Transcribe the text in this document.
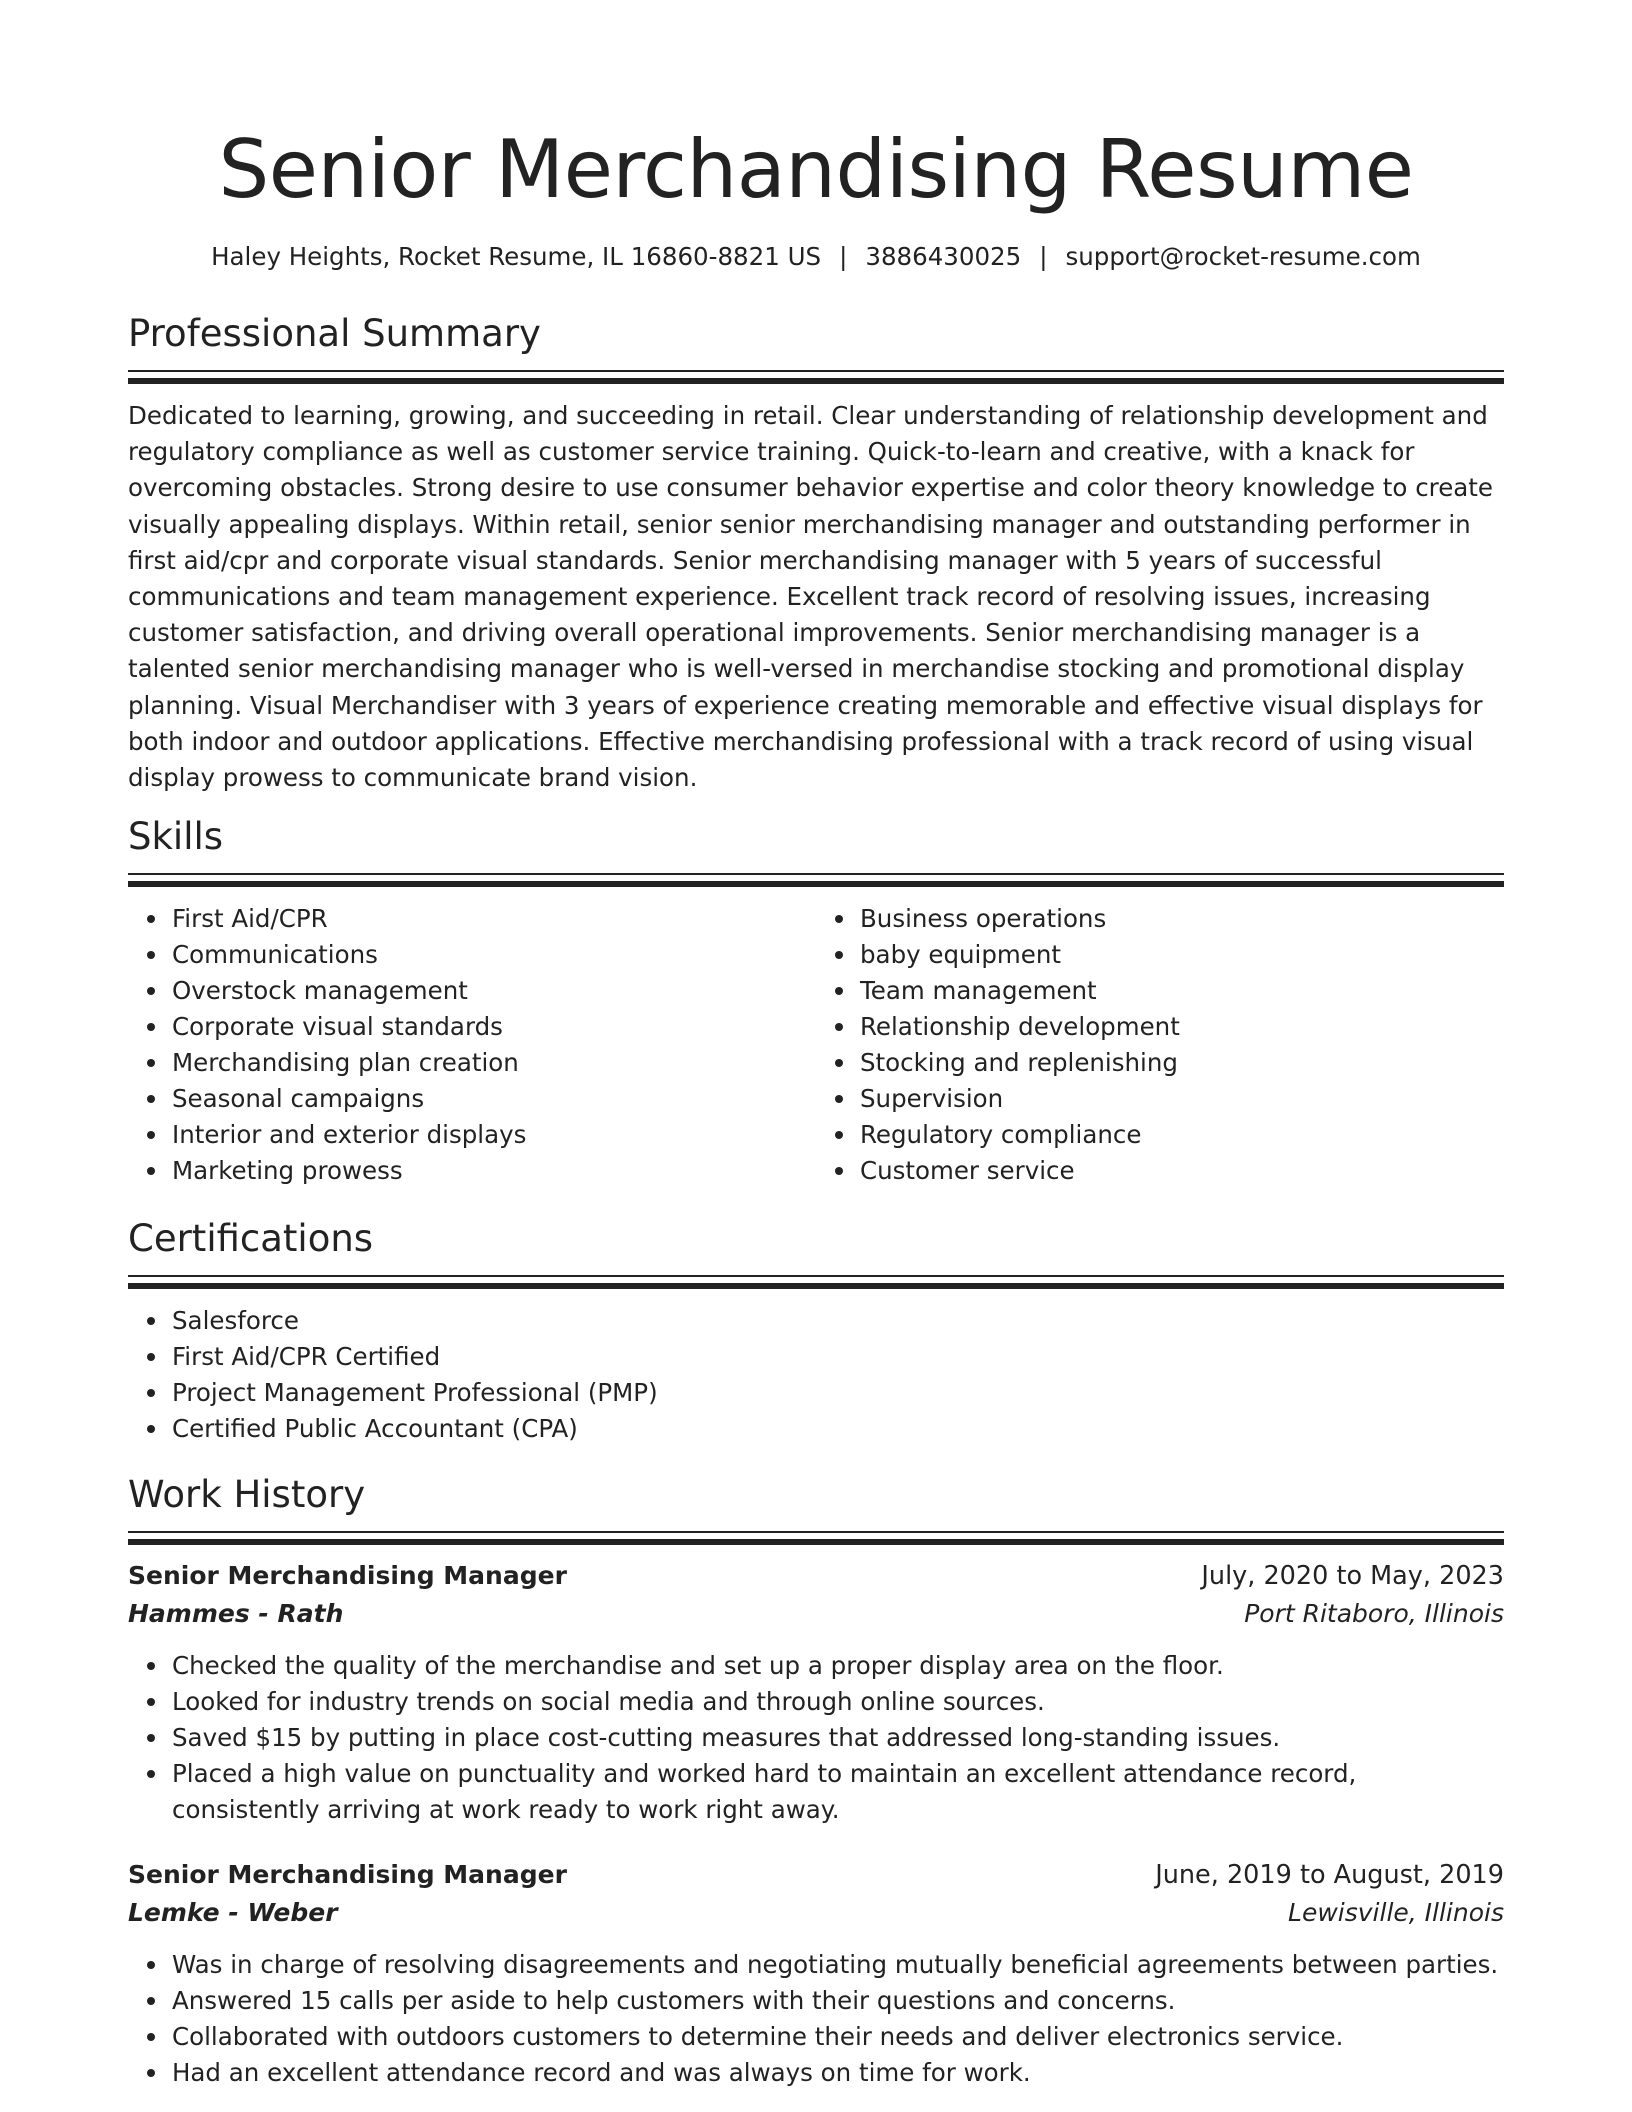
Senior Merchandising Resume
Haley Heights, Rocket Resume, IL 16860-8821 US | 3886430025 | support@rocket-resume.com
Professional Summary

Dedicated to learning, growing, and succeeding in retail. Clear understanding of relationship development and regulatory compliance as well as customer service training. Quick-to-learn and creative, with a knack for overcoming obstacles. Strong desire to use consumer behavior expertise and color theory knowledge to create visually appealing displays. Within retail, senior senior merchandising manager and outstanding performer in first aid/cpr and corporate visual standards. Senior merchandising manager with 5 years of successful communications and team management experience. Excellent track record of resolving issues, increasing customer satisfaction, and driving overall operational improvements. Senior merchandising manager is a talented senior merchandising manager who is well-versed in merchandise stocking and promotional display planning. Visual Merchandiser with 3 years of experience creating memorable and effective visual displays for both indoor and outdoor applications. Effective merchandising professional with a track record of using visual display prowess to communicate brand vision.

Skills
First Aid/CPR
Communications
Overstock management
Corporate visual standards
Merchandising plan creation
Seasonal campaigns
Interior and exterior displays
Marketing prowess
Business operations
baby equipment
Team management
Relationship development
Stocking and replenishing
Supervision
Regulatory compliance
Customer service
Certifications
Salesforce
First Aid/CPR Certified
Project Management Professional (PMP)
Certified Public Accountant (CPA)
Work History
Senior Merchandising Manager	July, 2020 to May, 2023
Hammes - Rath	Port Ritaboro, Illinois
Checked the quality of the merchandise and set up a proper display area on the floor.
Looked for industry trends on social media and through online sources.
Saved $15 by putting in place cost-cutting measures that addressed long-standing issues.
Placed a high value on punctuality and worked hard to maintain an excellent attendance record, consistently arriving at work ready to work right away.
Senior Merchandising Manager	June, 2019 to August, 2019
Lemke - Weber	Lewisville, Illinois
Was in charge of resolving disagreements and negotiating mutually beneficial agreements between parties.
Answered 15 calls per aside to help customers with their questions and concerns.
Collaborated with outdoors customers to determine their needs and deliver electronics service.
Had an excellent attendance record and was always on time for work.
